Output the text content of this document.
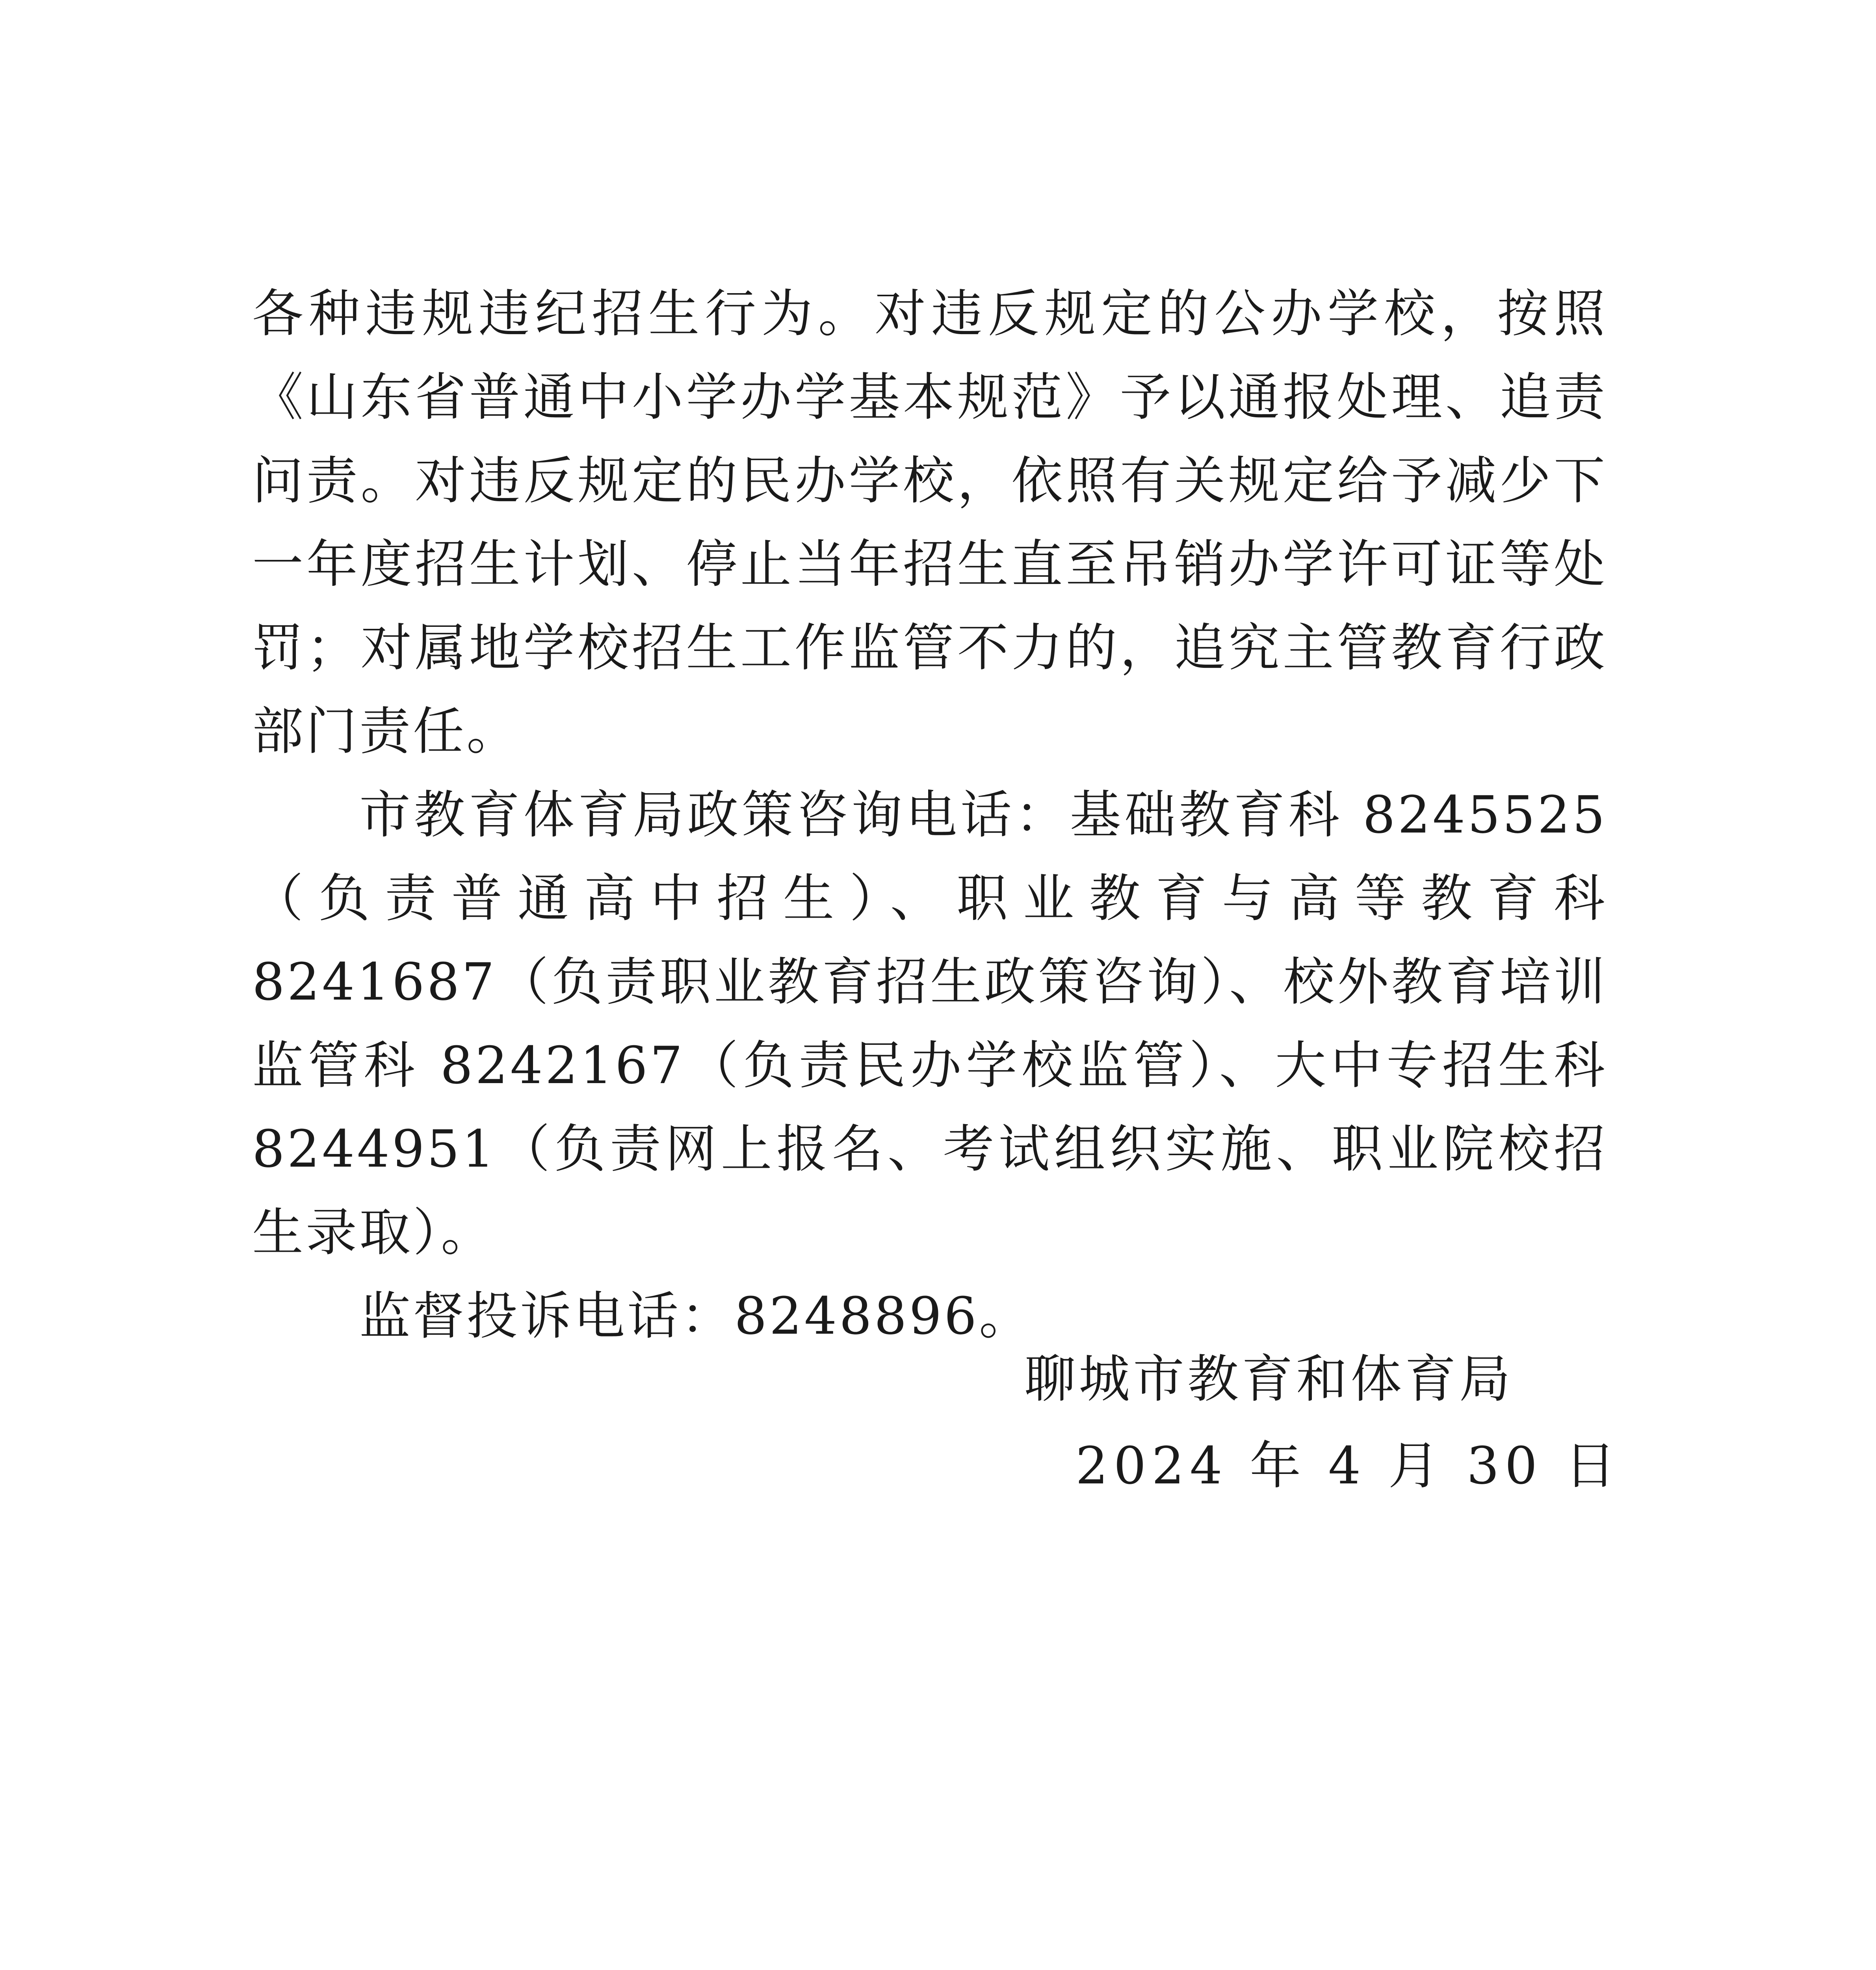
各种违规违纪招生行为。对违反规定的公办学校，按照《山东省普通中小学办学基本规范》予以通报处理、追责问责。对违反规定的民办学校，依照有关规定给予减少下一年度招生计划、停止当年招生直至吊销办学许可证等处罚；对属地学校招生工作监管不力的，追究主管教育行政部门责任。

市教育体育局政策咨询电话：基础教育科 8245525（负责普通高中招生）、职业教育与高等教育科 8241687（负责职业教育招生政策咨询）、校外教育培训监管科 8242167（负责民办学校监管）、大中专招生科 8244951（负责网上报名、考试组织实施、职业院校招生录取）。

监督投诉电话：8248896。

聊城市教育和体育局
2024 年 4 月 30 日
